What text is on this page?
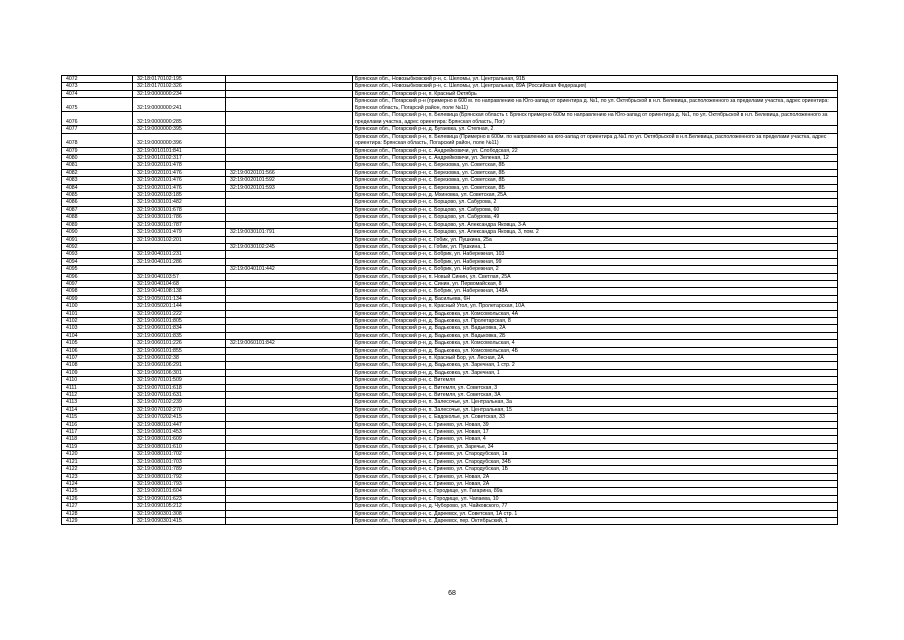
4072	32:18:0170102:195		Брянская обл., Новозыбковский р-н, с. Шеломы, ул. Центральная, 91Б
4073	32:18:0170102:326		Брянская обл., Новозыбковский р-н, с. Шеломы, ул. Центральная, 89А (Российская Федерация)
4074	32:19:0000000:234		Брянская обл., Погарский р-н, п. Красный Октябрь
4075	32:19:0000000:241		Брянская обл., Погарский р-н (примерно в 600 м. по направлению на Юго-запад от ориентира д. №1, по ул. Октябрьской в н.п. Белевица, расположенного за пределами участка, адрес ориентира: Брянская область, Погарсий район, поле №11)
4076	32:19:0000000:285		Брянская обл., Погарский р-н, п. Белевица (Брянская область г. Брянск примерно 600м по направлению на Юго-запад от ориентира д. №1, по ул. Октябрьской в н.п. Белевица, расположенного за пределами участка, адрес ориентира: Брянская область, Пог)
4077	32:19:0000000:395		Брянская обл., Погарский р-н, д. Бугаевка, ул. Степная, 2
4078	32:19:0000000:396		Брянская обл., Погарский р-н, п. Белевица (Примерно в 600м. по направлению на юго-запад от ориентира д.№1 по ул. Октябрьской в н.п.Белевица, расположенного за пределами участка, адрес ориентира: Брянская область, Погарский район, поле №11)
4079	32:19:0010101:841		Брянская обл., Погарский р-н, с. Андрейковичи, ул. Слободская, 22
4080	32:19:0010102:317		Брянская обл., Погарский р-н, с. Андрейковичи, ул. Зеленая, 12
4081	32:19:0020101:478		Брянская обл., Погарский р-н, с. Березовка, ул. Советская, 8Б
4082	32:19:0020101:476	32:19:0020101:566	Брянская обл., Погарский р-н, с. Березовка, ул. Советская, 8Б
4083	32:19:0020101:476	32:19:0020101:592	Брянская обл., Погарский р-н, с. Березовка, ул. Советская, 8Б
4084	32:19:0020101:476	32:19:0020101:593	Брянская обл., Погарский р-н, с. Березовка, ул. Советская, 8Б
4085	32:19:0020103:185		Брянская обл., Погарский р-н, д. Мхиновка, ул. Советская, 25А
4086	32:19:0030101:482		Брянская обл., Погарский р-н, с. Борщово, ул. Сабурова, 2
4087	32:19:0030101:678		Брянская обл., Погарский р-н, с. Борщово, ул. Сабурова, 60
4088	32:19:0030101:786		Брянская обл., Погарский р-н, с. Борщово, ул. Сабурова, 49
4089	32:19:0030101:787		Брянская обл., Погарский р-н, с. Борщово, ул. Александра Яковца, 3-А
4090	32:19:0030101:479	32:19:0030101:791	Брянская обл., Погарский р-н, с. Борщово, ул. Александра Яковца, 3, пом. 2
4091	32:19:0030102:201		Брянская обл., Погарский р-н, с. Гобик, ул. Пушкина, 25а
4092		32:19:0030102:245	Брянская обл., Погарский р-н, с. Гобик, ул. Пушкина, 1
4093	32:19:0040101:231		Брянская обл., Погарский р-н, с. Бобрик, ул. Набережная, 103
4094	32:19:0040101:286		Брянская обл., Погарский р-н, с. Бобрик, ул. Набережная, 99
4095		32:19:0040101:442	Брянская обл., Погарский р-н, с. Бобрик, ул. Набережная, 2
4096	32:19:0040103:57		Брянская обл., Погарский р-н, п. Новый Синин, ул. Светлая, 25А
4097	32:19:0040104:68		Брянская обл., Погарский р-н, с. Синин, ул. Первомайская, 8
4098	32:19:0040108:138		Брянская обл., Погарский р-н, с. Бобрик, ул. Набережная, 148А
4099	32:19:0050101:134		Брянская обл., Погарский р-н, д. Васильева, 6Н
4100	32:19:0050201:144		Брянская обл., Погарский р-н, п. Красный Угол, ул. Пролетарская, 10А
4101	32:19:0060101:222		Брянская обл., Погарский р-н, д. Вадьковка, ул. Комсомольская, 4А
4102	32:19:0060101:805		Брянская обл., Погарский р-н, д. Вадьковка, ул. Пролетарская, 8
4103	32:19:0060101:834		Брянская обл., Погарский р-н, д. Вадьковка, ул. Вадьковка, 2А
4104	32:19:0060101:835		Брянская обл., Погарский р-н, д. Вадьковка, ул. Вадьковка, 2Б
4105	32:19:0060101:226	32:19:0060101:842	Брянская обл., Погарский р-н, д. Вадьковка, ул. Комсомольская, 4
4106	32:19:0060101:855		Брянская обл., Погарский р-н, д. Вадьковка, ул. Комсомольская, 4Б
4107	32:19:0060102:38		Брянская обл., Погарский р-н, п. Красный Бор, ул. Лесная, 2А
4108	32:19:0060106:291		Брянская обл., Погарский р-н, д. Вадьковка, ул. Заречная, 1 стр. 2
4109	32:19:0060106:301		Брянская обл., Погарский р-н, д. Вадьковка, ул. Заречная, 1
4110	32:19:0070101:509		Брянская обл., Погарский р-н, с. Витемля
4111	32:19:0070101:618		Брянская обл., Погарский р-н, с. Витемля, ул. Советская, 3
4112	32:19:0070101:631		Брянская обл., Погарский р-н, с. Витемля, ул. Советская, 3А
4113	32:19:0070102:239		Брянская обл., Погарский р-н, п. Залесочье, ул. Центральная, 3а
4114	32:19:0070102:270		Брянская обл., Погарский р-н, п. Залесочье, ул. Центральная, 15
4115	32:19:0070202:415		Брянская обл., Погарский р-н, с. Евдоколье, ул. Советская, 33
4116	32:19:0080101:447		Брянская обл., Погарский р-н, с. Гринево, ул. Новая, 39
4117	32:19:0080101:453		Брянская обл., Погарский р-н, с. Гринево, ул. Новая, 17
4118	32:19:0080101:609		Брянская обл., Погарский р-н, с. Гринево, ул. Новая, 4
4119	32:19:0080101:610		Брянская обл., Погарский р-н, с. Гринево, ул. Заречье, 34
4120	32:19:0080101:702		Брянская обл., Погарский р-н, с. Гринево, ул. Стародубская, 1в
4121	32:19:0080101:703		Брянская обл., Погарский р-н, с. Гринево, ул. Стародубская, 34Б
4122	32:19:0080101:789		Брянская обл., Погарский р-н, с. Гринево, ул. Стародубская, 1Б
4123	32:19:0080101:792		Брянская обл., Погарский р-н, с. Гринево, ул. Новая, 2А
4124	32:19:0080101:793		Брянская обл., Погарский р-н, с. Гринево, ул. Новая, 2А
4125	32:19:0090101:604		Брянская обл., Погарский р-н, с. Городище, ул. Гагарина, 89а
4126	32:19:0090101:623		Брянская обл., Погарский р-н, с. Городище, ул. Чапаева, 10
4127	32:19:0090105:212		Брянская обл., Погарский р-н, д. Чуборово, ул. Чайковского, 77
4128	32:19:0090301:308		Брянская обл., Погарский р-н, с. Дареевск, ул. Советская, 1А стр. 1
4129	32:19:0090301:415		Брянская обл., Погарский р-н, с. Дареевск, пер. Октябрьский, 1
68
